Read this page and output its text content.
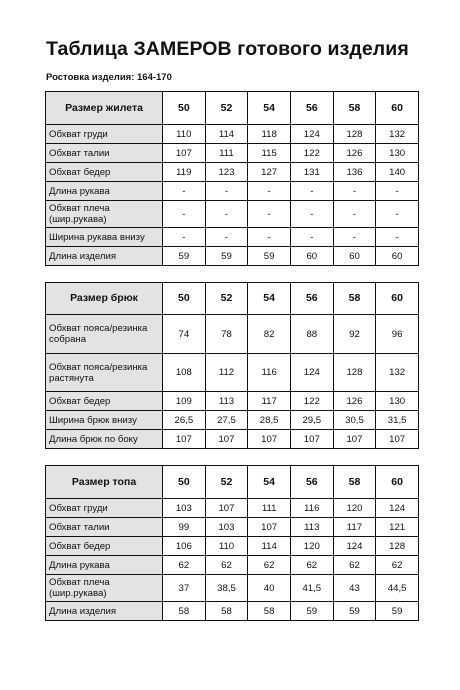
Таблица ЗАМЕРОВ готового изделия
Ростовка изделия: 164-170
Размер жилета	50	52	54	56	58	60
Обхват груди	110	114	118	124	128	132
Обхват талии	107	111	115	122	126	130
Обхват бедер	119	123	127	131	136	140
Длина рукава	-	-	-	-	-	-
Обхват плеча (шир.рукава)	-	-	-	-	-	-
Ширина рукава внизу	-	-	-	-	-	-
Длина изделия	59	59	59	60	60	60
Размер брюк	50	52	54	56	58	60
Обхват пояса/резинка собрана	74	78	82	88	92	96
Обхват пояса/резинка растянута	108	112	116	124	128	132
Обхват бедер	109	113	117	122	126	130
Ширина брюк внизу	26,5	27,5	28,5	29,5	30,5	31,5
Длина брюк по боку	107	107	107	107	107	107
Размер топа	50	52	54	56	58	60
Обхват груди	103	107	111	116	120	124
Обхват талии	99	103	107	113	117	121
Обхват бедер	106	110	114	120	124	128
Длина рукава	62	62	62	62	62	62
Обхват плеча (шир.рукава)	37	38,5	40	41,5	43	44,5
Длина изделия	58	58	58	59	59	59
